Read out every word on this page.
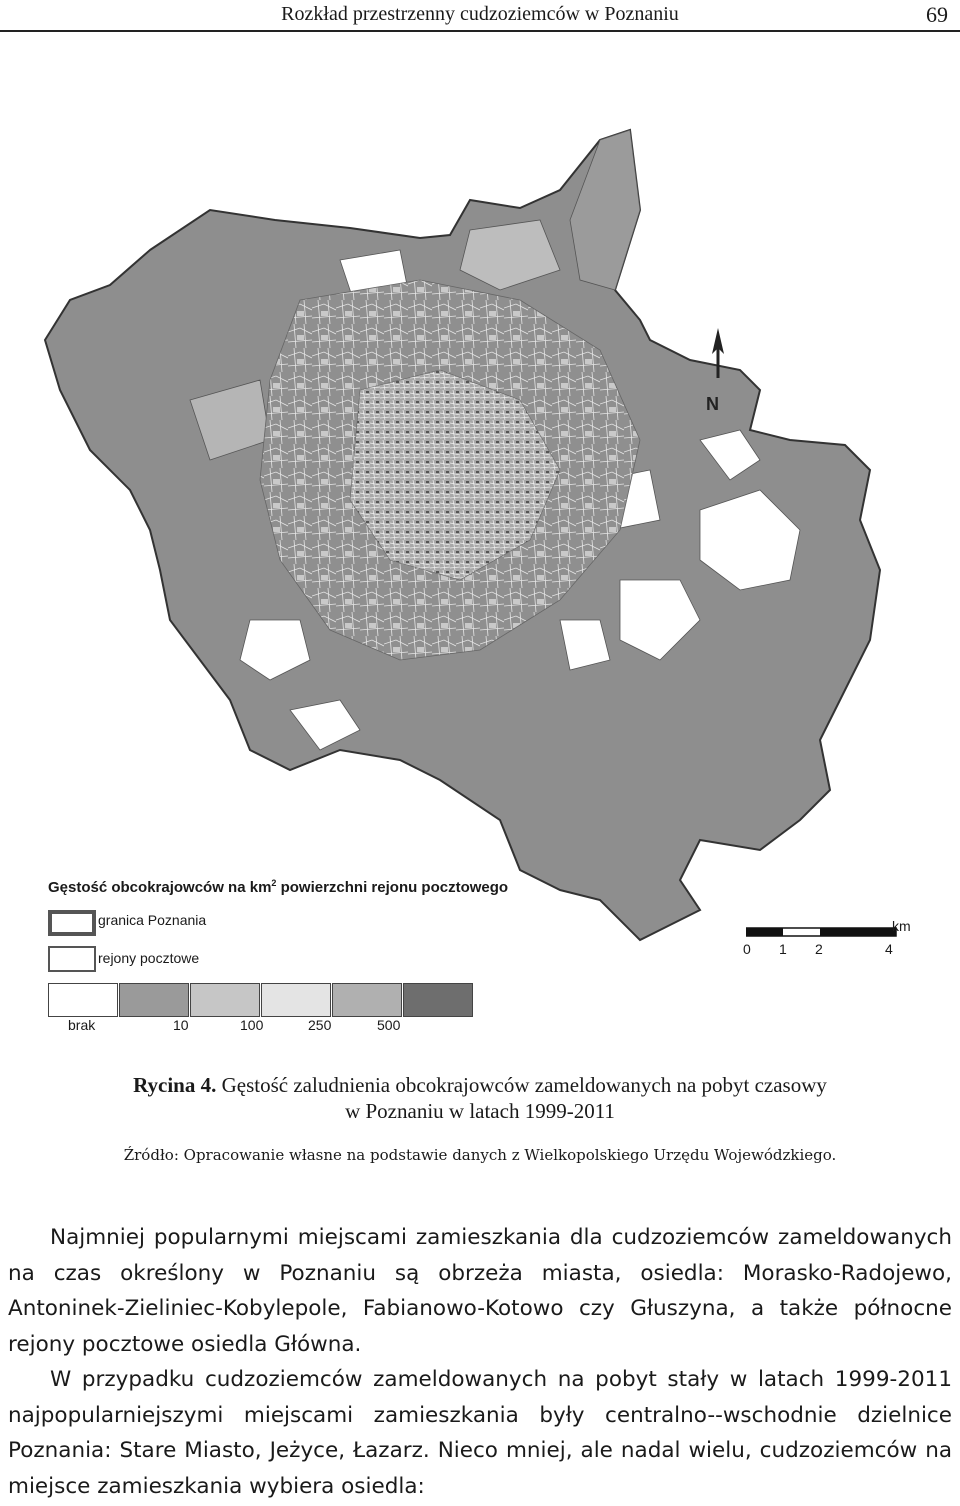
Rozkład przestrzenny cudzoziemców w Poznaniu	69
N
Gęstość obcokrajowców na $km^2$ powierzchni rejonu pocztowego
granica Poznania
rejony pocztowe
brak	10	100	250	500
km
0 1 2	4
Rycina 4. Gęstość zaludnienia obcokrajowców zameldowanych na pobyt czasowy
w Poznaniu w latach 1999-2011
Źródło: Opracowanie własne na podstawie danych z Wielkopolskiego Urzędu Wojewódzkiego.

Najmniej popularnymi miejscami zamieszkania dla cudzoziemców zameldowanych na czas określony w Poznaniu są obrzeża miasta, osiedla: Morasko-Radojewo, Antoninek-Zieliniec-Kobylepole, Fabianowo-Kotowo czy Głuszyna, a także północne rejony pocztowe osiedla Główna.

W przypadku cudzoziemców zameldowanych na pobyt stały w latach 1999-2011 najpopularniejszymi miejscami zamieszkania były centralno--wschodnie dzielnice Poznania: Stare Miasto, Jeżyce, Łazarz. Nieco mniej, ale nadal wielu, cudzoziemców na miejsce zamieszkania wybiera osiedla:
